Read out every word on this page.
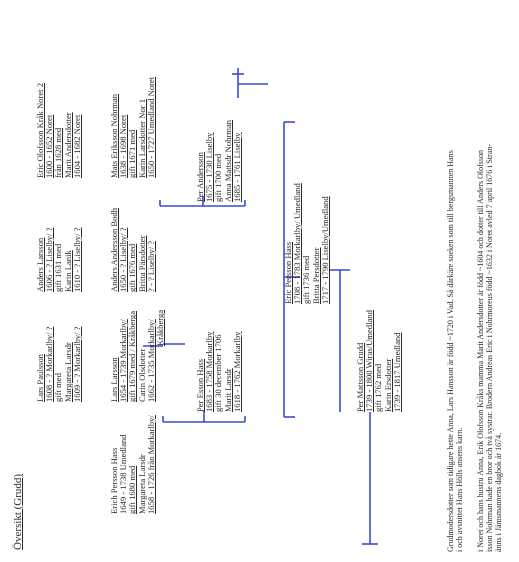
Översikt (Grudd)	Erich Persson Hass 1649 - 1738 Umedland gift 1680 med Margareta Larsdr 1658 - 1726 från Morkarlby/
Lars Paulsson 1608 - ? Morkarlby/ ? gift med Margareta Larsdr 1609 - ? Morkarlby/ ?	Lars Larsson 1654 - 1739 Morkarlby/ gift 1679 med / Kråkberga Carin Olsdotter 1662 - 1735 Morkarlby/ Kråkberga
Anders Larsson 1606 - ? Liselby/ ? gift 1631 med Karin Lanik 1610 - ? Liselby/ ?	Anders Andersson Bodh 1650 - ? Liselby/ ? gift 1676 med Britta Pärsdotter ? - ? Liselby/ ?
Eric Olofsson Kråk Noret 2 1600 - 1652 Noret från 1628 med Marit Andersdotter 1604 - 1682 Noret	Mats Eriksson Nohrman 1638 - 1698 Noret gift 1671 med Karin Larsdotter Nor 1 1650 - 1727 Umedland Noret
Per Esson Hass 1683 - 1758 Morkarlby gift 30 december 1706 Marit Larsdr 1618 - 1762 Morkarlby
Per Andersson 1675 - 1730 Liselby gift 1700 med Anna Mattsdr Nohrman 1685 - 1761 Liselby
Eric Persson Hass 1708 - 1783 Morkarlby/ Umedland gift 1736 med Britta Persdotter 1717 - 1790 Liselby/Umedland
Per Mattsson Grudd 1739 - 1800 Wiras/Umedland gift 1762 med Karin Ersdotter 1739 - 1817 Umedland	Grudmodersdotter som tidigare hette Anna, Lars Hansson är född ~1720 i Vad. Så därkäre soeken som till bergsmannen Hans i och avsnittet Hans Hölls ansens karn. i Noret och hans hustru Anna, Erik Olofsson Kråks mamma Marit Andersdotter är född ~1604 och dotter till Anders Olofsson isson Nohrman hade en bror och två systrar. Brodern Andreas Eric i Nohrmoreus född ~1632 i Noret avled 7 april 1676 i Stran- änns i Jämsmannens dagbok år 1674.
